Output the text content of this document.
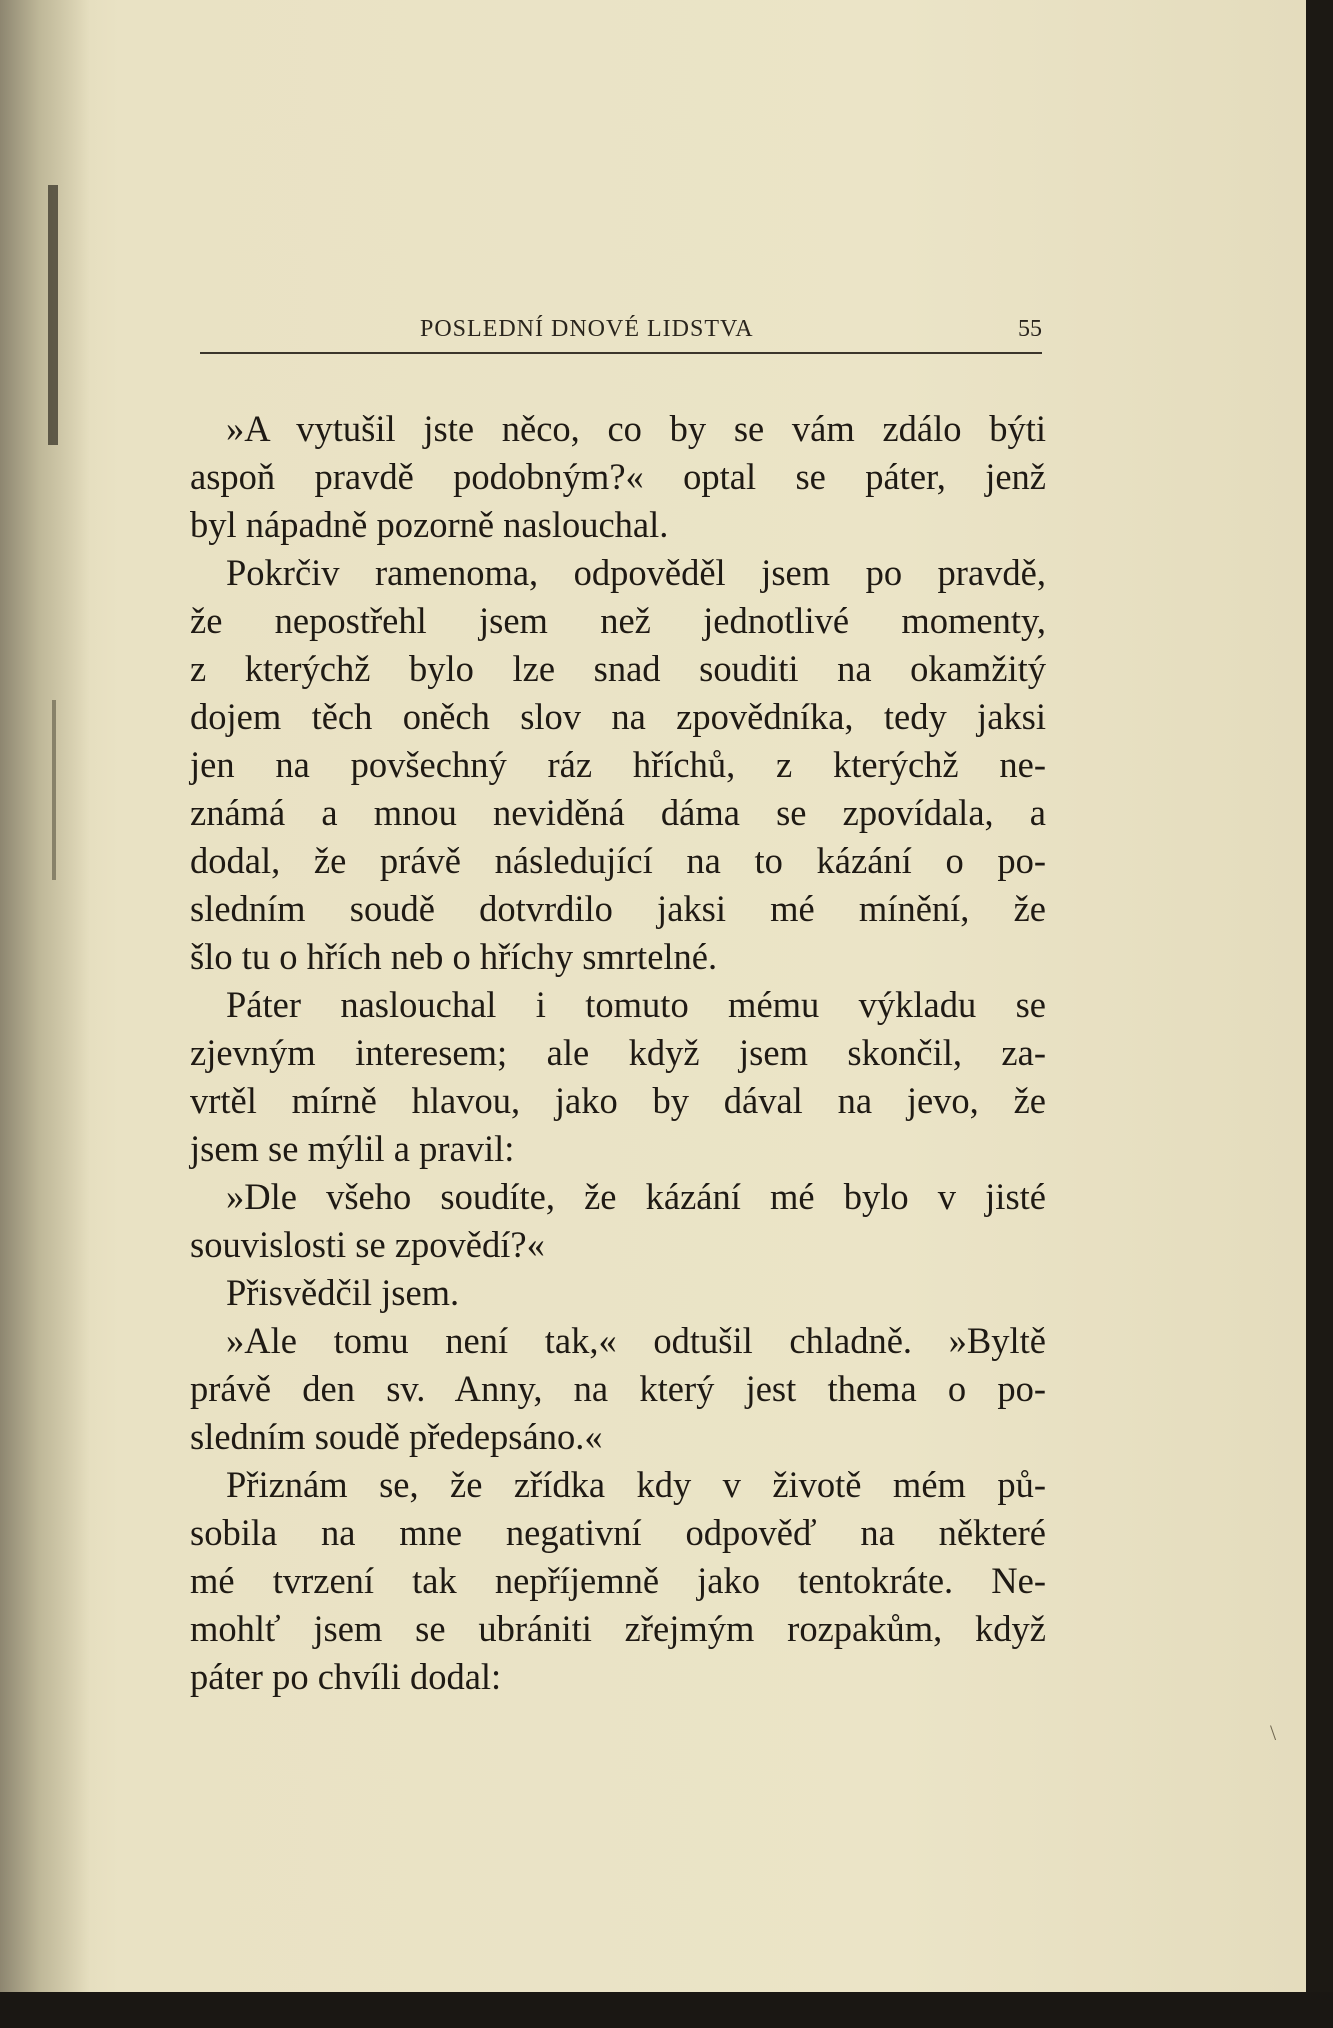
POSLEDNÍ DNOVÉ LIDSTVA	55
»A vytušil jste něco, co by se vám zdálo býti
aspoň pravdě podobným?« optal se páter, jenž
byl nápadně pozorně naslouchal.
Pokrčiv ramenoma, odpověděl jsem po pravdě,
že nepostřehl jsem než jednotlivé momenty,
z kterýchž bylo lze snad souditi na okamžitý
dojem těch oněch slov na zpovědníka, tedy jaksi
jen na povšechný ráz hříchů, z kterýchž ne-
známá a mnou neviděná dáma se zpovídala, a
dodal, že právě následující na to kázání o po-
sledním soudě dotvrdilo jaksi mé mínění, že
šlo tu o hřích neb o hříchy smrtelné.
Páter naslouchal i tomuto mému výkladu se
zjevným interesem; ale když jsem skončil, za-
vrtěl mírně hlavou, jako by dával na jevo, že
jsem se mýlil a pravil:
»Dle všeho soudíte, že kázání mé bylo v jisté
souvislosti se zpovědí?«
Přisvědčil jsem.
»Ale tomu není tak,« odtušil chladně. »Byltě
právě den sv. Anny, na který jest thema o po-
sledním soudě předepsáno.«
Přiznám se, že zřídka kdy v životě mém pů-
sobila na mne negativní odpověď na některé
mé tvrzení tak nepříjemně jako tentokráte. Ne-
mohlť jsem se ubrániti zřejmým rozpakům, když
páter po chvíli dodal:
\
